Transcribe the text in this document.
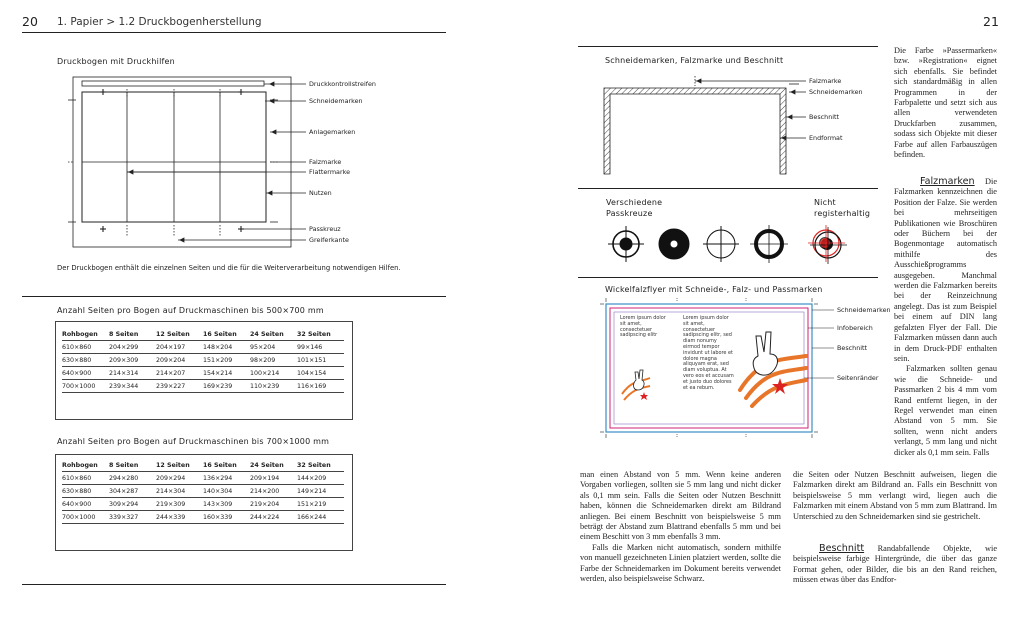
20 1. Papier > 1.2 Druckbogenherstellung
Druckbogen mit Druckhilfen
Druckkontrollstreifen
Schneidemarken
Anlagemarken
Falzmarke
Flattermarke
Nutzen
Passkreuz
Greiferkante
Der Druckbogen enthält die einzelnen Seiten und die für die Weiterverarbeitung notwendigen Hilfen.
Anzahl Seiten pro Bogen auf Druckmaschinen bis 500×700 mm
Rohbogen	8 Seiten	12 Seiten	16 Seiten	24 Seiten	32 Seiten
610×860	204×299	204×197	148×204	95×204	99×146
630×880	209×309	209×204	151×209	98×209	101×151
640×900	214×314	214×207	154×214	100×214	104×154
700×1000	239×344	239×227	169×239	110×239	116×169
Anzahl Seiten pro Bogen auf Druckmaschinen bis 700×1000 mm
Rohbogen	8 Seiten	12 Seiten	16 Seiten	24 Seiten	32 Seiten
610×860	294×280	209×294	136×294	209×194	144×209
630×880	304×287	214×304	140×304	214×200	149×214
640×900	309×294	219×309	143×309	219×204	151×219
700×1000	339×327	244×339	160×339	244×224	166×244
21
Schneidemarken, Falzmarke und Beschnitt
Falzmarke
Schneidemarken
Beschnitt
Endformat
Verschiedene
Passkreuze
Nicht
registerhaltig
Wickelfalzflyer mit Schneide-, Falz- und Passmarken
Lorem ipsum dolor sit amet, consectetuer sadipscing elitr
Lorem ipsum dolor sit amet, consectetuer sadipscing elitr, sed diam nonumy eirmod tempor invidunt ut labore et dolore magna aliquyam erat, sed diam voluptua. At vero eos et accusam et justo duo dolores et ea rebum.
Schneidemarken
Infobereich
Beschnitt
Seitenränder

Die Farbe »Passermarken« bzw. »Registration« eignet sich ebenfalls. Sie befindet sich standardmäßig in allen Programmen in der Farbpalette und setzt sich aus allen verwendeten Druckfarben zusammen, sodass sich Objekte mit dieser Farbe auf allen Farbauszügen befinden.

Falzmarken Die Falzmarken kennzeichnen die Position der Falze. Sie werden bei mehrseitigen Publikationen wie Broschüren oder Büchern bei der Bogenmontage automatisch mithilfe des Ausschießprogramms ausgegeben. Manchmal werden die Falzmarken bereits bei der Reinzeichnung angelegt. Das ist zum Beispiel bei einem auf DIN lang gefalzten Flyer der Fall. Die Falzmarken müssen dann auch in dem Druck-PDF enthalten sein.

Falzmarken sollten genau wie die Schneide- und Passmarken 2 bis 4 mm vom Rand entfernt liegen, in der Regel verwendet man einen Abstand von 5 mm. Sie sollten, wenn nicht anders verlangt, 5 mm lang und nicht dicker als 0,1 mm sein. Falls

man einen Abstand von 5 mm. Wenn keine anderen Vorgaben vorliegen, sollten sie 5 mm lang und nicht dicker als 0,1 mm sein. Falls die Seiten oder Nutzen Beschnitt haben, können die Schneidemarken direkt am Bildrand anliegen. Bei einem Beschnitt von beispielsweise 5 mm beträgt der Abstand zum Blattrand ebenfalls 5 mm und bei einem Beschitt von 3 mm ebenfalls 3 mm.

Falls die Marken nicht automatisch, sondern mithilfe von manuell gezeichneten Linien platziert werden, sollte die Farbe der Schneidemarken im Dokument bereits verwendet werden, also beispielsweise Schwarz.

die Seiten oder Nutzen Beschnitt aufweisen, liegen die Falzmarken direkt am Bildrand an. Falls ein Beschnitt von beispielsweise 5 mm verlangt wird, liegen auch die Falzmarken mit einem Abstand von 5 mm zum Blattrand. Im Unterschied zu den Schneidemarken sind sie gestrichelt.

Beschnitt Randabfallende Objekte, wie beispielsweise farbige Hintergründe, die über das ganze Format gehen, oder Bilder, die bis an den Rand reichen, müssen etwas über das Endfor-
